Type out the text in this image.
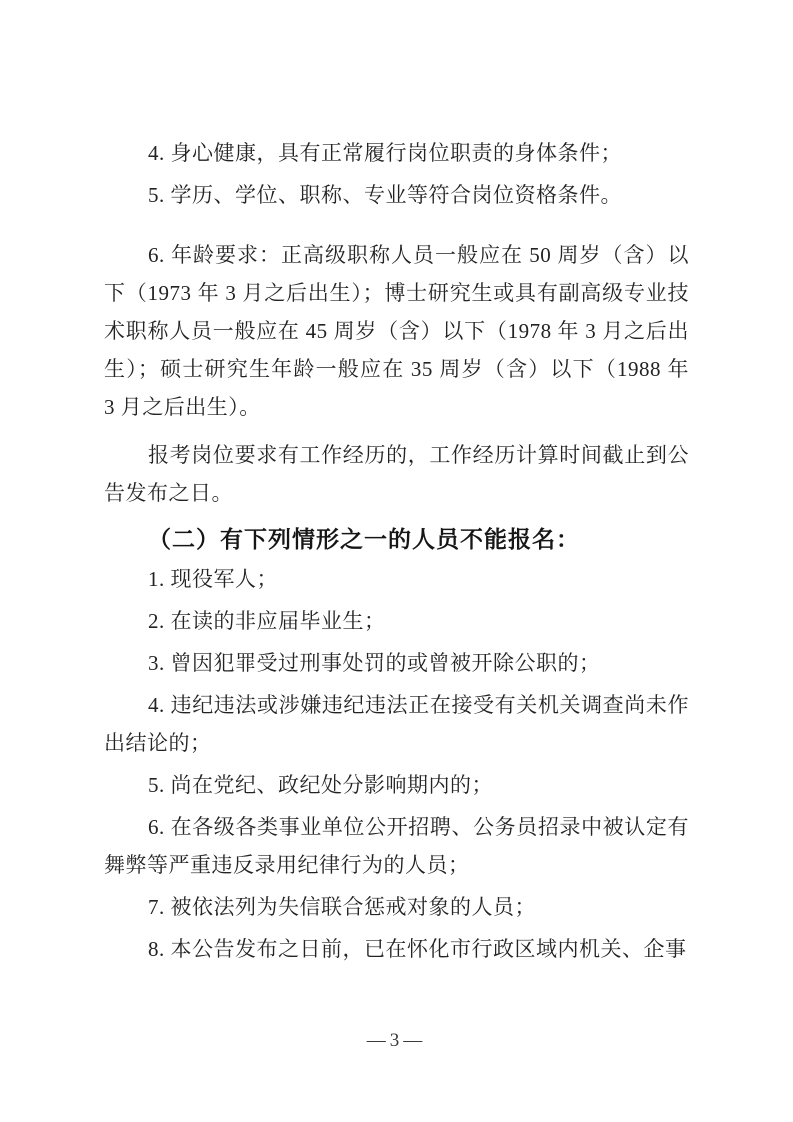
4. 身心健康，具有正常履行岗位职责的身体条件；
5. 学历、学位、职称、专业等符合岗位资格条件。
6. 年龄要求：正高级职称人员一般应在 50 周岁（含）以
下（1973 年 3 月之后出生）；博士研究生或具有副高级专业技
术职称人员一般应在 45 周岁（含）以下（1978 年 3 月之后出
生）；硕士研究生年龄一般应在 35 周岁（含）以下（1988 年
3 月之后出生）。
报考岗位要求有工作经历的，工作经历计算时间截止到公
告发布之日。
（二）有下列情形之一的人员不能报名：
1. 现役军人；
2. 在读的非应届毕业生；
3. 曾因犯罪受过刑事处罚的或曾被开除公职的；
4. 违纪违法或涉嫌违纪违法正在接受有关机关调查尚未作
出结论的；
5. 尚在党纪、政纪处分影响期内的；
6. 在各级各类事业单位公开招聘、公务员招录中被认定有
舞弊等严重违反录用纪律行为的人员；
7. 被依法列为失信联合惩戒对象的人员；
8. 本公告发布之日前，已在怀化市行政区域内机关、企事
—3—
